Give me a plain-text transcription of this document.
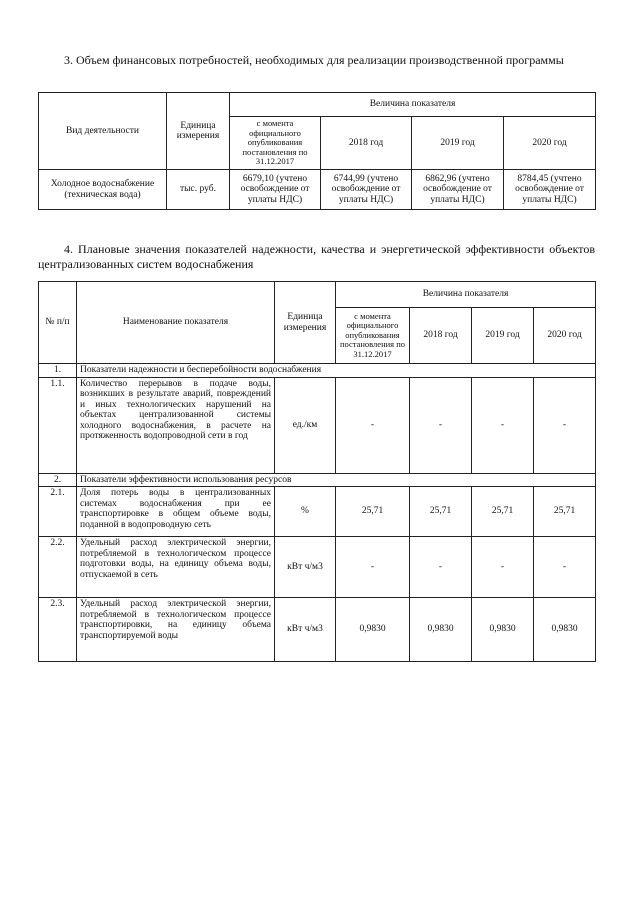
3. Объем финансовых потребностей, необходимых для реализации производственной программы
Вид деятельности	Единица измерения	Величина показателя			
		с момента официального опубликования постановления по 31.12.2017	2018 год	2019 год	2020 год
Холодное водоснабжение (техническая вода)	тыс. руб.	6679,10 (учтено освобождение от уплаты НДС)	6744,99 (учтено освобождение от уплаты НДС)	6862,96 (учтено освобождение от уплаты НДС)	8784,45 (учтено освобождение от уплаты НДС)
4. Плановые значения показателей надежности, качества и энергетической эффективности объектов централизованных систем водоснабжения
№ п/п	Наименование показателя	Единица измерения	Величина показателя			
			с момента официального опубликования постановления по 31.12.2017	2018 год	2019 год	2020 год
1.	Показатели надежности и бесперебойности водоснабжения					
1.1.	Количество перерывов в подаче воды, возникших в результате аварий, повреждений и иных технологических нарушений на объектах централизованной системы холодного водоснабжения, в расчете на протяженность водопроводной сети в год	ед./км	-	-	-	-
2.	Показатели эффективности использования ресурсов					
2.1.	Доля потерь воды в централизованных системах водоснабжения при ее транспортировке в общем объеме воды, поданной в водопроводную сеть	%	25,71	25,71	25,71	25,71
2.2.	Удельный расход электрической энергии, потребляемой в технологическом процессе подготовки воды, на единицу объема воды, отпускаемой в сеть	кВт ч/м3	-	-	-	-
2.3.	Удельный расход электрической энергии, потребляемой в технологическом процессе транспортировки, на единицу объема транспортируемой воды	кВт ч/м3	0,9830	0,9830	0,9830	0,9830
